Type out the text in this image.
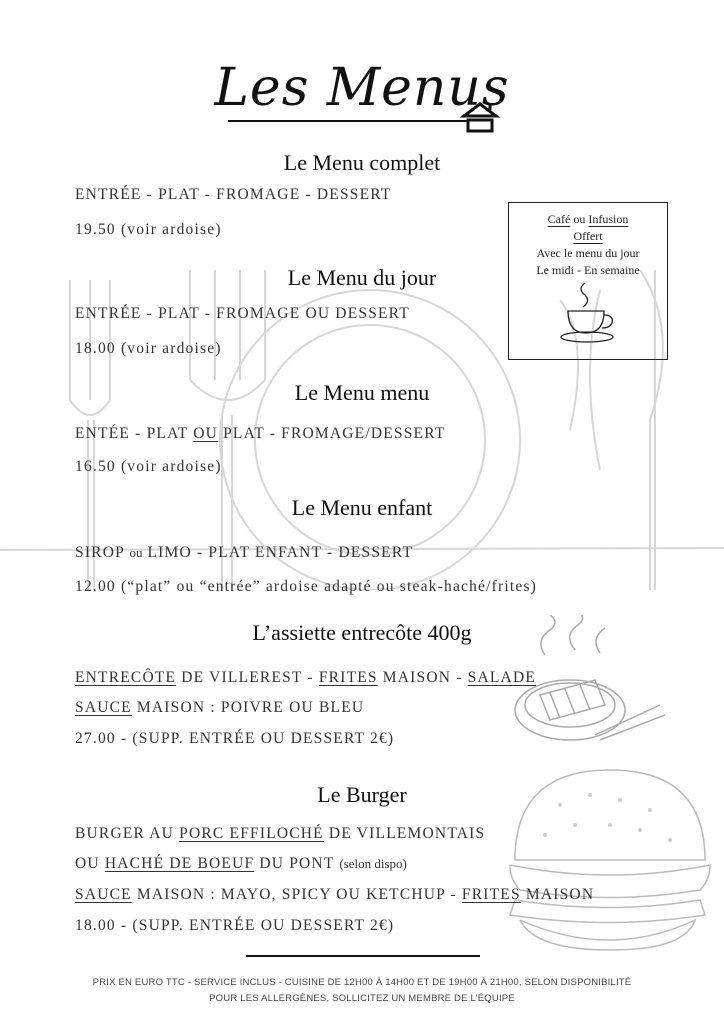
Les Menus
Le Menu complet
ENTRÉE - PLAT - FROMAGE - DESSERT
19.50 (voir ardoise)
Le Menu du jour
ENTRÉE - PLAT - FROMAGE OU DESSERT
18.00 (voir ardoise)
Le Menu menu
ENTÉE - PLAT OU PLAT - FROMAGE/DESSERT
16.50 (voir ardoise)
Le Menu enfant
SIROP ou LIMO - PLAT ENFANT - DESSERT
12.00 (“plat” ou “entrée” ardoise adapté ou steak-haché/frites)
L’assiette entrecôte 400g
ENTRECÔTE DE VILLEREST - FRITES MAISON - SALADE
SAUCE MAISON : POIVRE OU BLEU
27.00 - (SUPP. ENTRÉE OU DESSERT 2€)
Le Burger
BURGER AU PORC EFFILOCHÉ DE VILLEMONTAIS
OU HACHÉ DE BOEUF DU PONT (selon dispo)
SAUCE MAISON : MAYO, SPICY OU KETCHUP - FRITES MAISON
18.00 - (SUPP. ENTRÉE OU DESSERT 2€)
Café ou Infusion
Offert
Avec le menu du jour
Le midi - En semaine
PRIX EN EURO TTC - SERVICE INCLUS - CUISINE DE 12H00 À 14H00 ET DE 19H00 À 21H00, SELON DISPONIBILITÉ
POUR LES ALLERGÈNES, SOLLICITEZ UN MEMBRE DE L’ÉQUIPE
